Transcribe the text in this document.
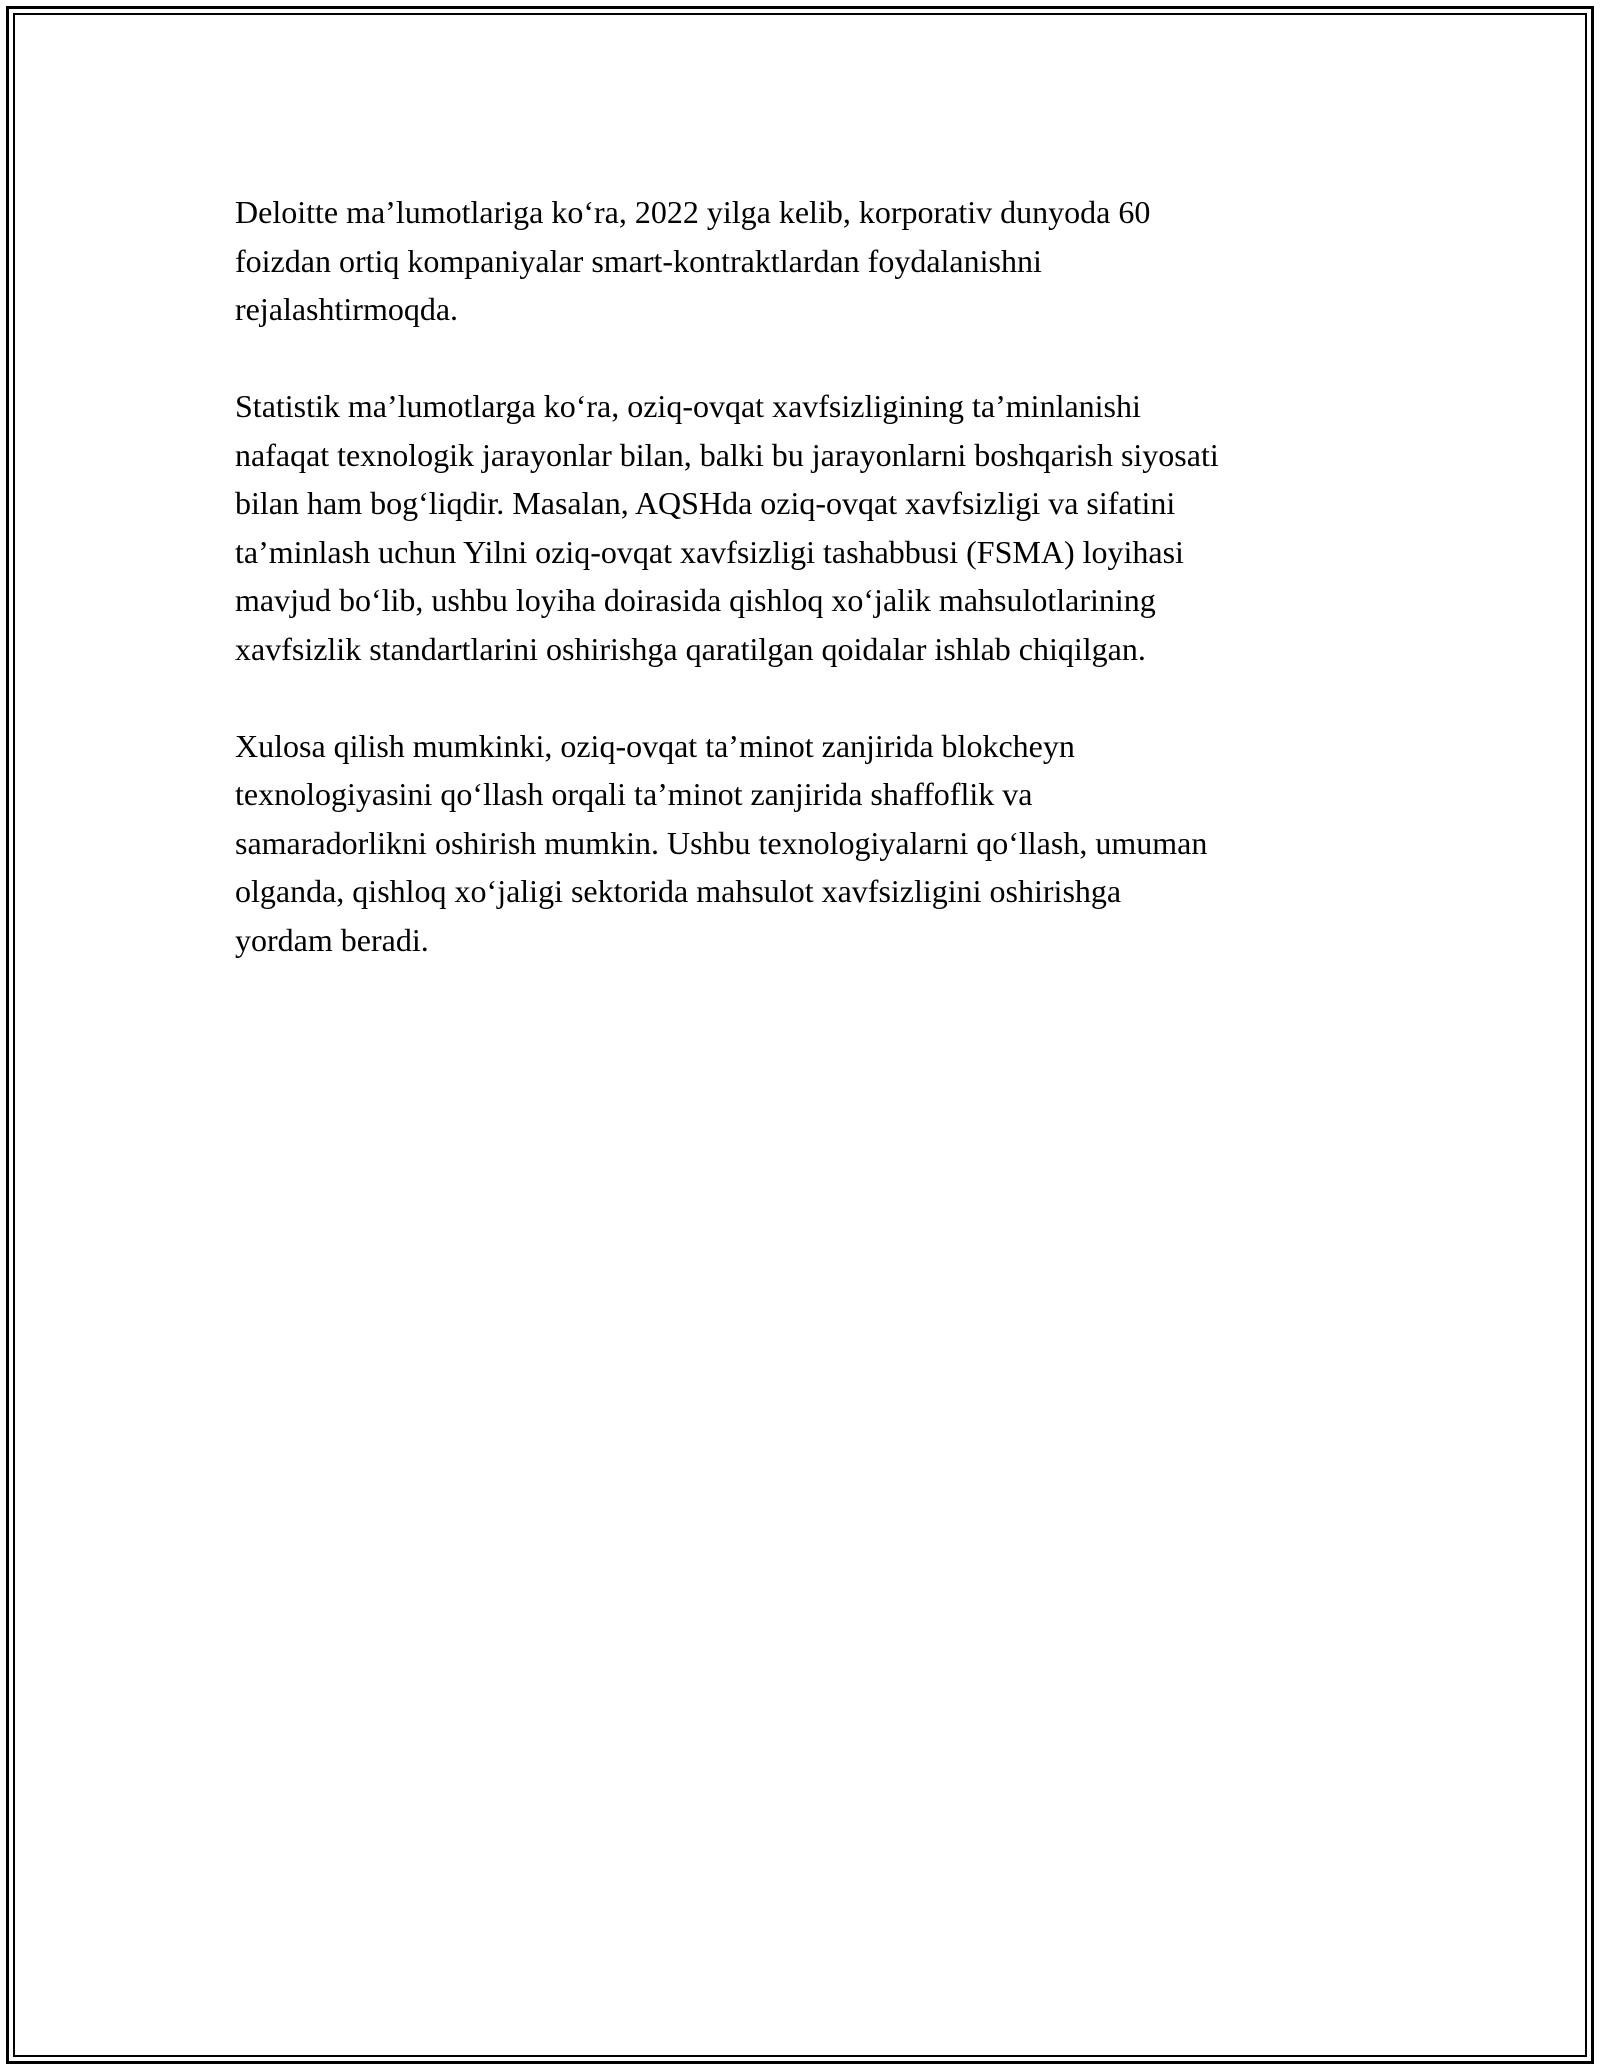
Deloitte ma’lumotlariga ko‘ra, 2022 yilga kelib, korporativ dunyoda 60
foizdan ortiq kompaniyalar smart-kontraktlardan foydalanishni
rejalashtirmoqda.

Statistik ma’lumotlarga ko‘ra, oziq-ovqat xavfsizligining ta’minlanishi
nafaqat texnologik jarayonlar bilan, balki bu jarayonlarni boshqarish siyosati
bilan ham bog‘liqdir. Masalan, AQSHda oziq-ovqat xavfsizligi va sifatini
ta’minlash uchun Yilni oziq-ovqat xavfsizligi tashabbusi (FSMA) loyihasi
mavjud bo‘lib, ushbu loyiha doirasida qishloq xo‘jalik mahsulotlarining
xavfsizlik standartlarini oshirishga qaratilgan qoidalar ishlab chiqilgan.

Xulosa qilish mumkinki, oziq-ovqat ta’minot zanjirida blokcheyn
texnologiyasini qo‘llash orqali ta’minot zanjirida shaffoflik va
samaradorlikni oshirish mumkin. Ushbu texnologiyalarni qo‘llash, umuman
olganda, qishloq xo‘jaligi sektorida mahsulot xavfsizligini oshirishga
yordam beradi.
